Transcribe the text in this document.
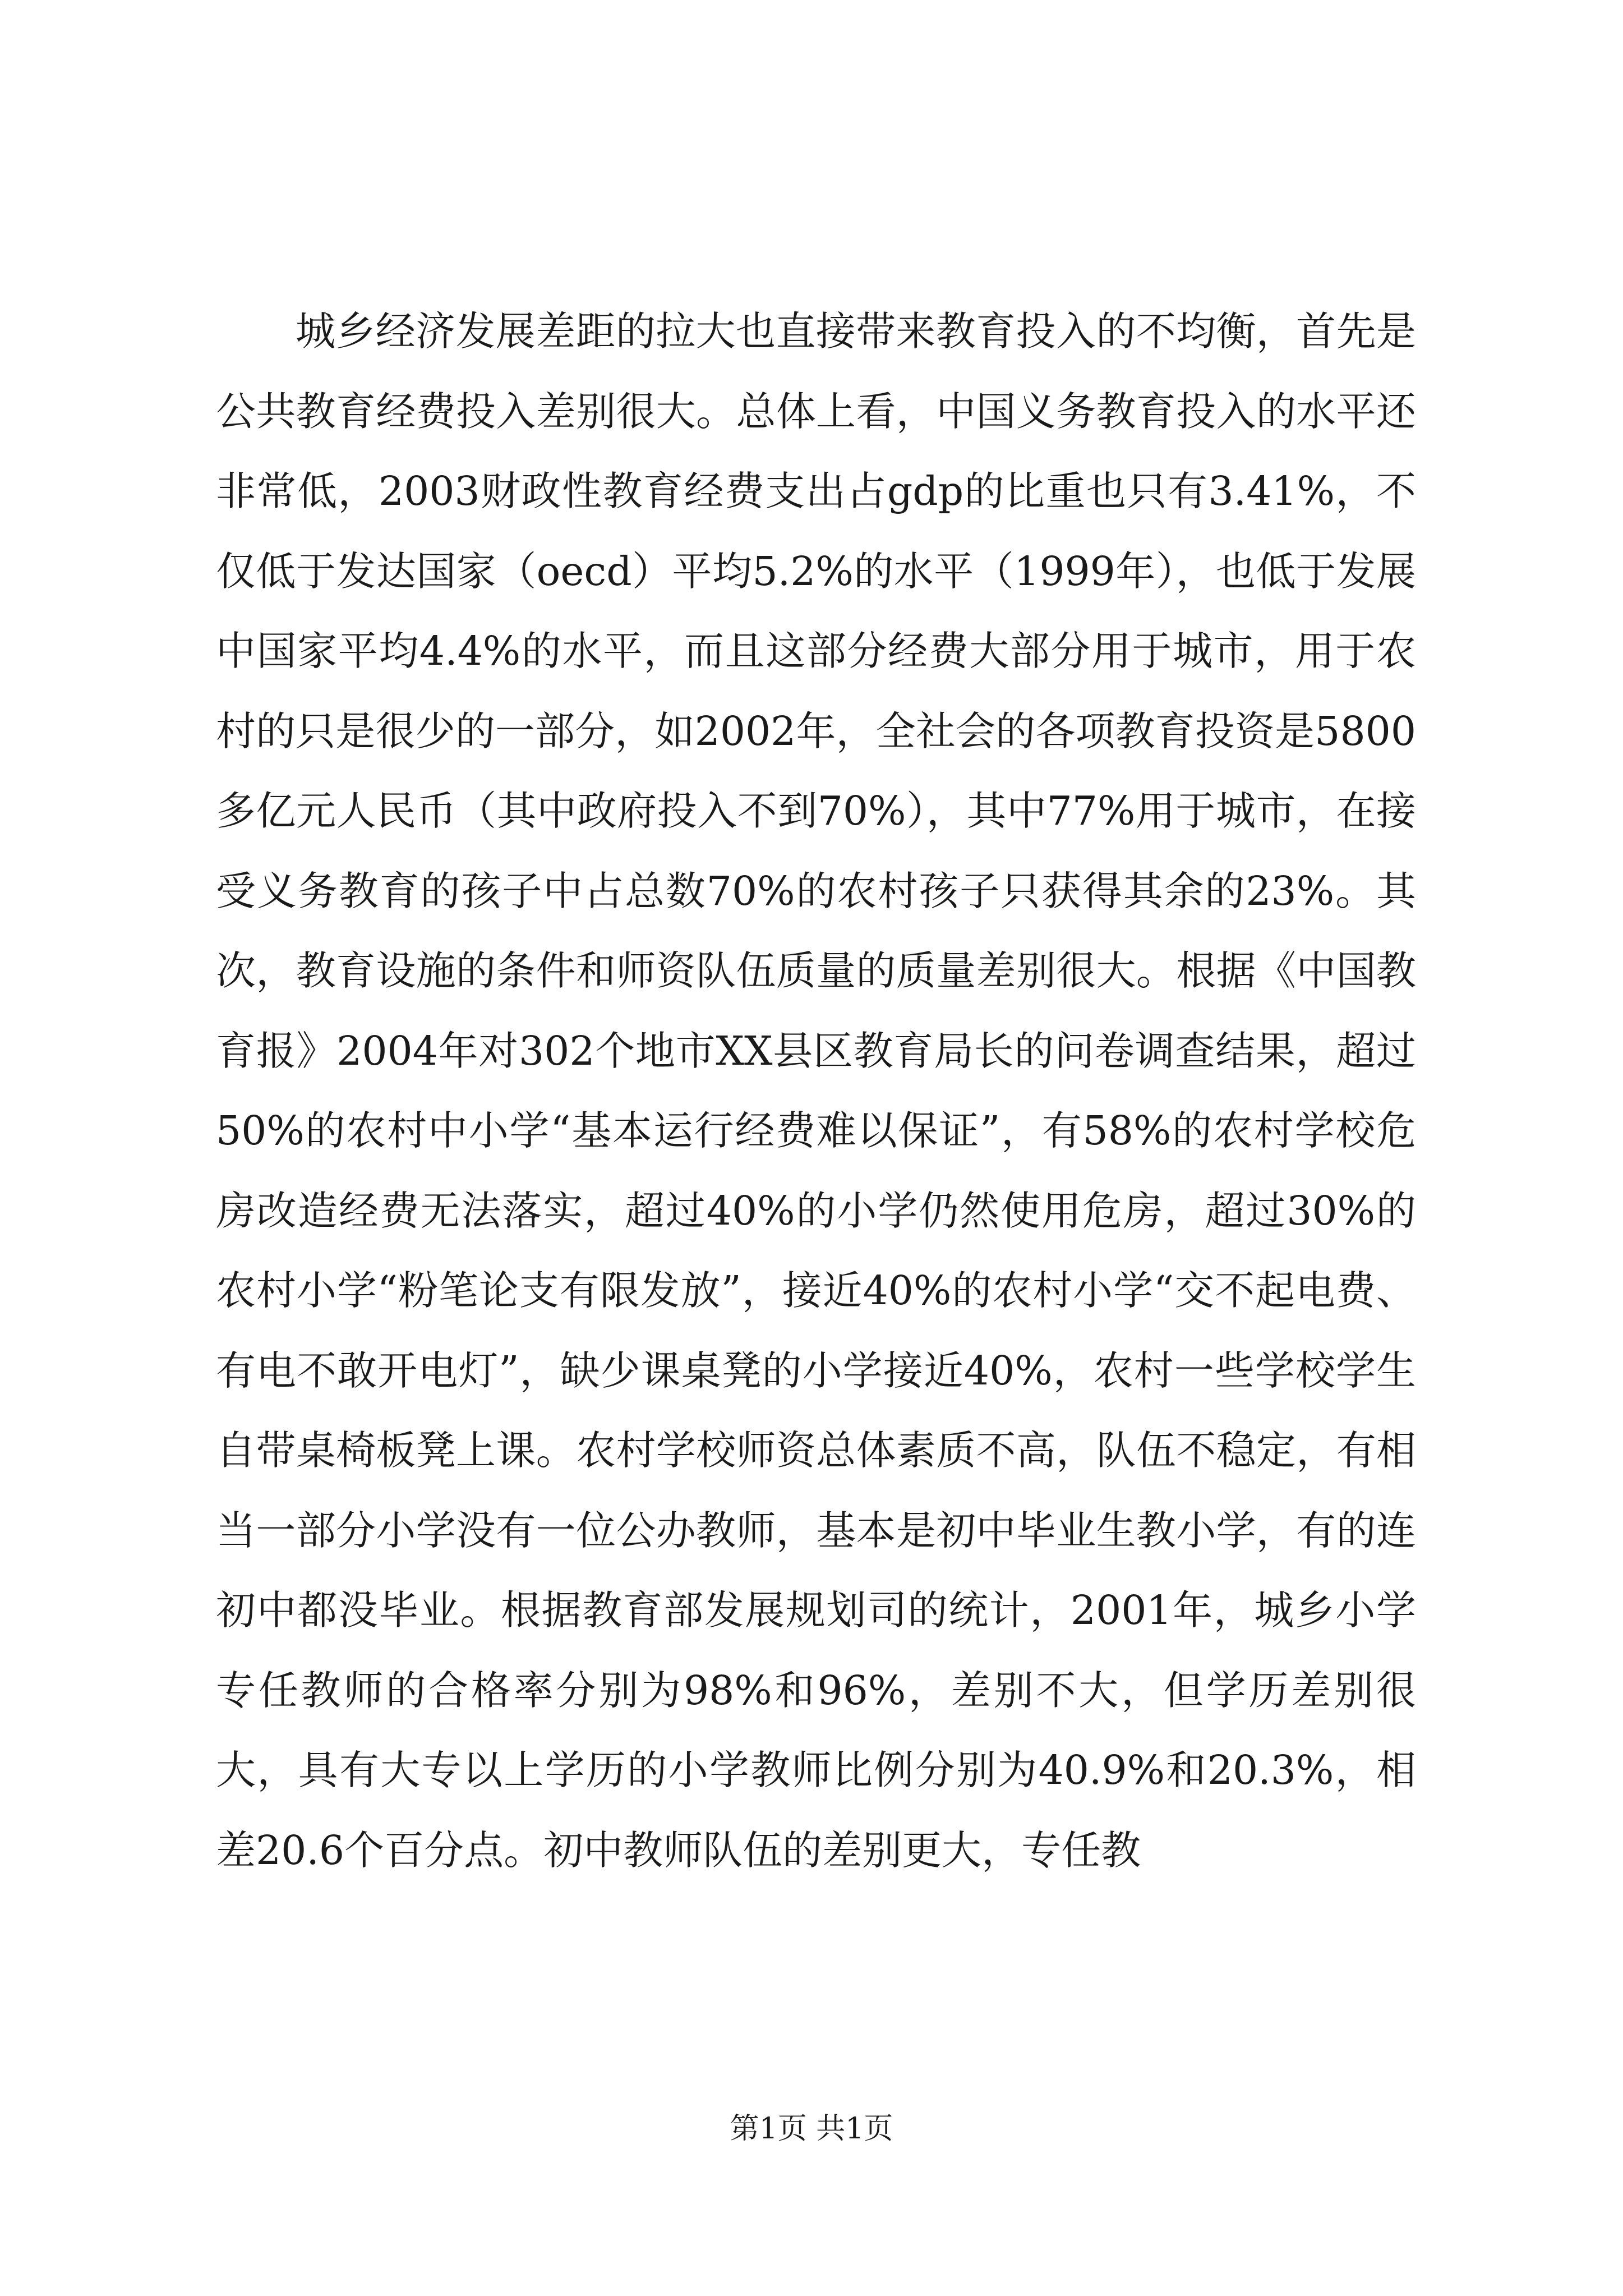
城乡经济发展差距的拉大也直接带来教育投入的不均衡，首先是公共教育经费投入差别很大。总体上看，中国义务教育投入的水平还非常低，2003财政性教育经费支出占gdp的比重也只有3.41%，不仅低于发达国家（oecd）平均5.2%的水平（1999年），也低于发展中国家平均4.4%的水平，而且这部分经费大部分用于城市，用于农村的只是很少的一部分，如2002年，全社会的各项教育投资是5800多亿元人民币（其中政府投入不到70%），其中77%用于城市，在接受义务教育的孩子中占总数70%的农村孩子只获得其余的23%。其次，教育设施的条件和师资队伍质量的质量差别很大。根据《中国教育报》2004年对302个地市XX县区教育局长的问卷调查结果，超过50%的农村中小学“基本运行经费难以保证”，有58%的农村学校危房改造经费无法落实，超过40%的小学仍然使用危房，超过30%的农村小学“粉笔论支有限发放”，接近40%的农村小学“交不起电费、有电不敢开电灯”，缺少课桌凳的小学接近40%，农村一些学校学生自带桌椅板凳上课。农村学校师资总体素质不高，队伍不稳定，有相当一部分小学没有一位公办教师，基本是初中毕业生教小学，有的连初中都没毕业。根据教育部发展规划司的统计，2001年，城乡小学专任教师的合格率分别为98%和96%，差别不大，但学历差别很大，具有大专以上学历的小学教师比例分别为40.9%和20.3%，相差20.6个百分点。初中教师队伍的差别更大，专任教

第1页 共1页
